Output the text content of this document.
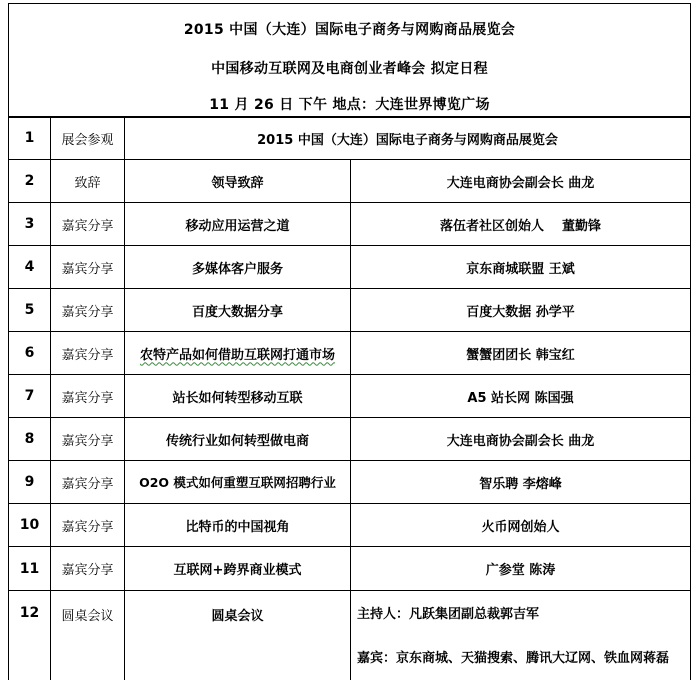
2015 中国（大连）国际电子商务与网购商品展览会
中国移动互联网及电商创业者峰会 拟定日程
11 月 26 日 下午 地点：大连世界博览广场
1	展会参观	2015 中国（大连）国际电子商务与网购商品展览会
2	致辞	领导致辞	大连电商协会副会长 曲龙
3	嘉宾分享	移动应用运营之道	落伍者社区创始人    董勤锋
4	嘉宾分享	多媒体客户服务	京东商城联盟 王斌
5	嘉宾分享	百度大数据分享	百度大数据 孙学平
6	嘉宾分享	农特产品如何借助互联网打通市场	蟹蟹团团长 韩宝红
7	嘉宾分享	站长如何转型移动互联	A5 站长网 陈国强
8	嘉宾分享	传统行业如何转型做电商	大连电商协会副会长 曲龙
9	嘉宾分享	O2O 模式如何重塑互联网招聘行业	智乐聘 李熔峰
10	嘉宾分享	比特币的中国视角	火币网创始人
11	嘉宾分享	互联网+跨界商业模式	广参堂 陈涛
12 圆桌会议	圆桌会议	主持人：凡跃集团副总裁郭吉军
嘉宾：京东商城、天猫搜索、腾讯大辽网、铁血网蒋磊
